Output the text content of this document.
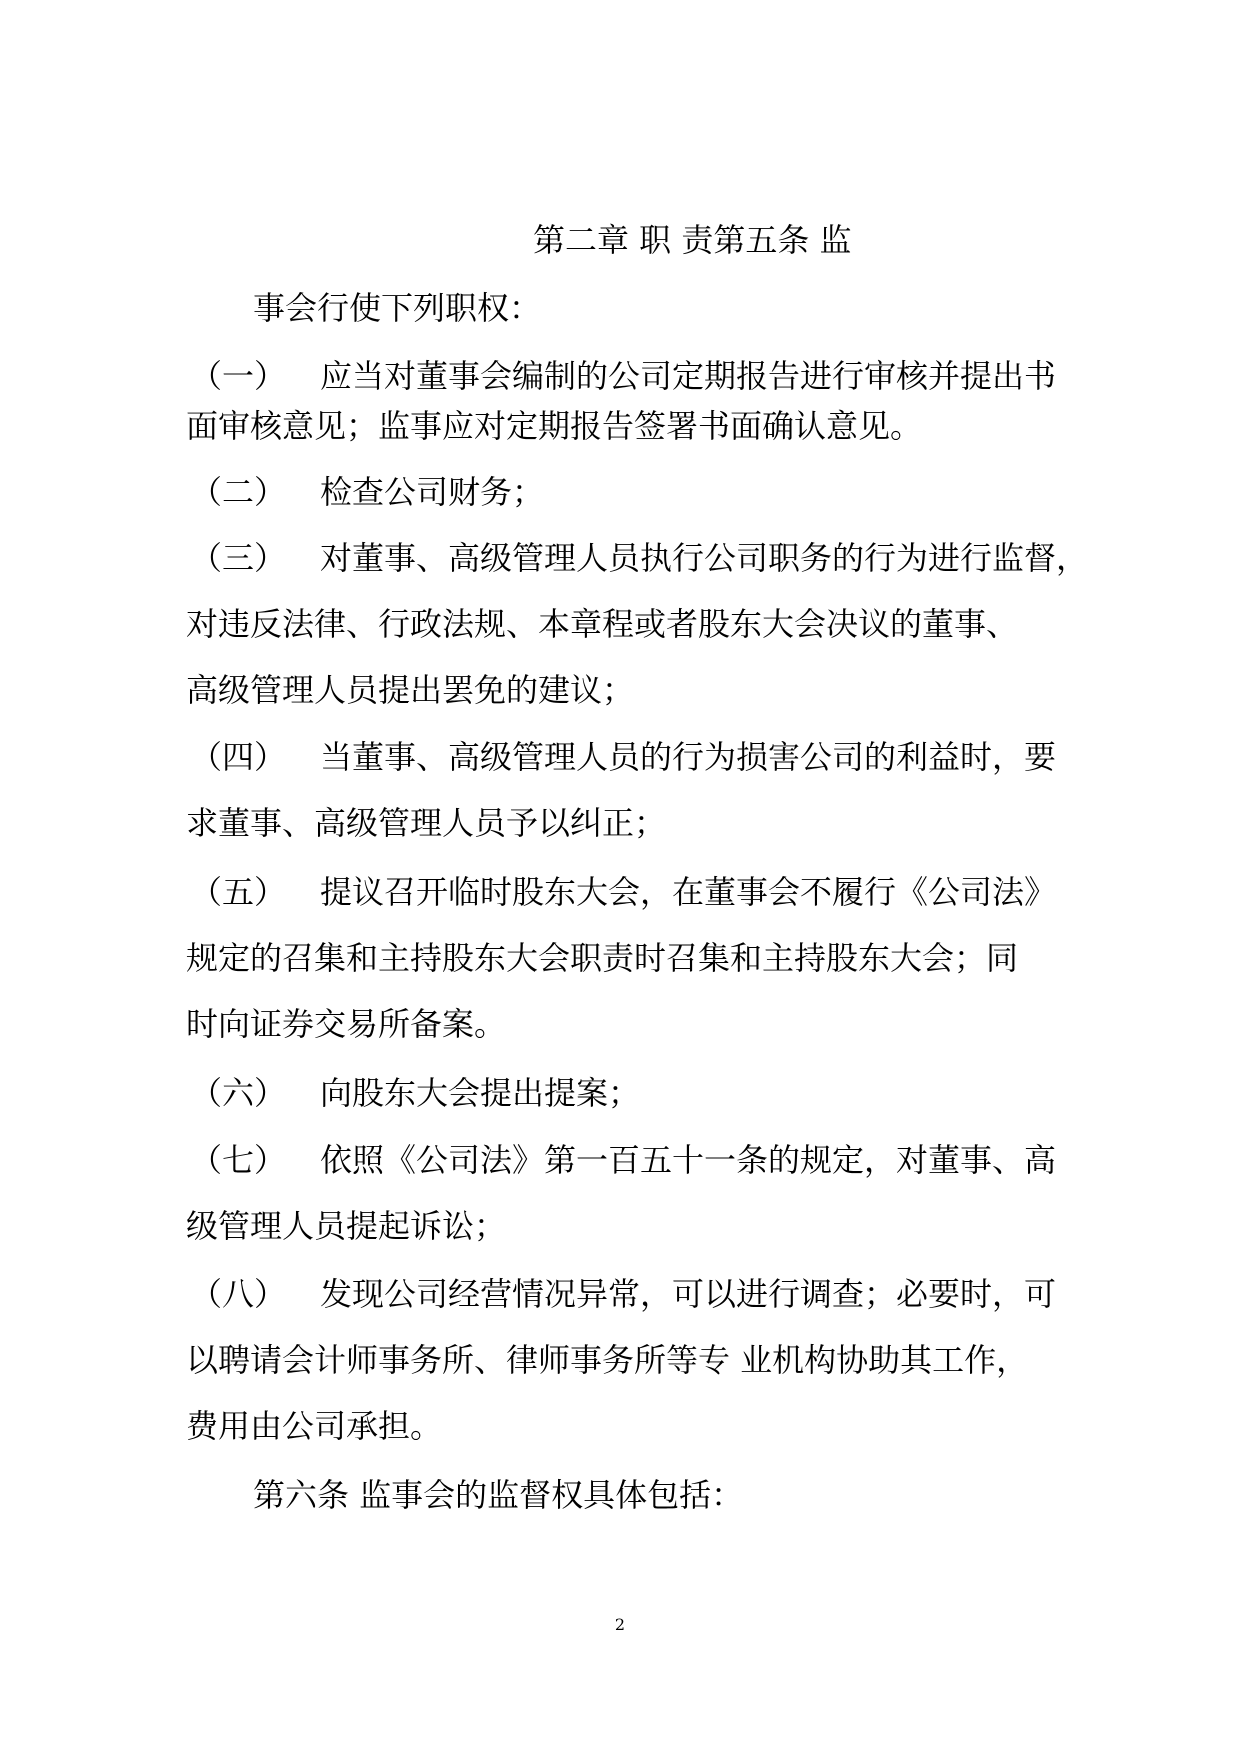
第二章 职 责第五条 监
事会行使下列职权：
（一） 应当对董事会编制的公司定期报告进行审核并提出书
面审核意见；监事应对定期报告签署书面确认意见。
（二） 检查公司财务；
（三） 对董事、高级管理人员执行公司职务的行为进行监督，
对违反法律、行政法规、本章程或者股东大会决议的董事、
高级管理人员提出罢免的建议；
（四） 当董事、高级管理人员的行为损害公司的利益时，要
求董事、高级管理人员予以纠正；
（五） 提议召开临时股东大会，在董事会不履行《公司法》
规定的召集和主持股东大会职责时召集和主持股东大会；同
时向证券交易所备案。
（六） 向股东大会提出提案；
（七） 依照《公司法》第一百五十一条的规定，对董事、高
级管理人员提起诉讼；
（八） 发现公司经营情况异常，可以进行调查；必要时，可
以聘请会计师事务所、律师事务所等专 业机构协助其工作，
费用由公司承担。
第六条 监事会的监督权具体包括：
2
